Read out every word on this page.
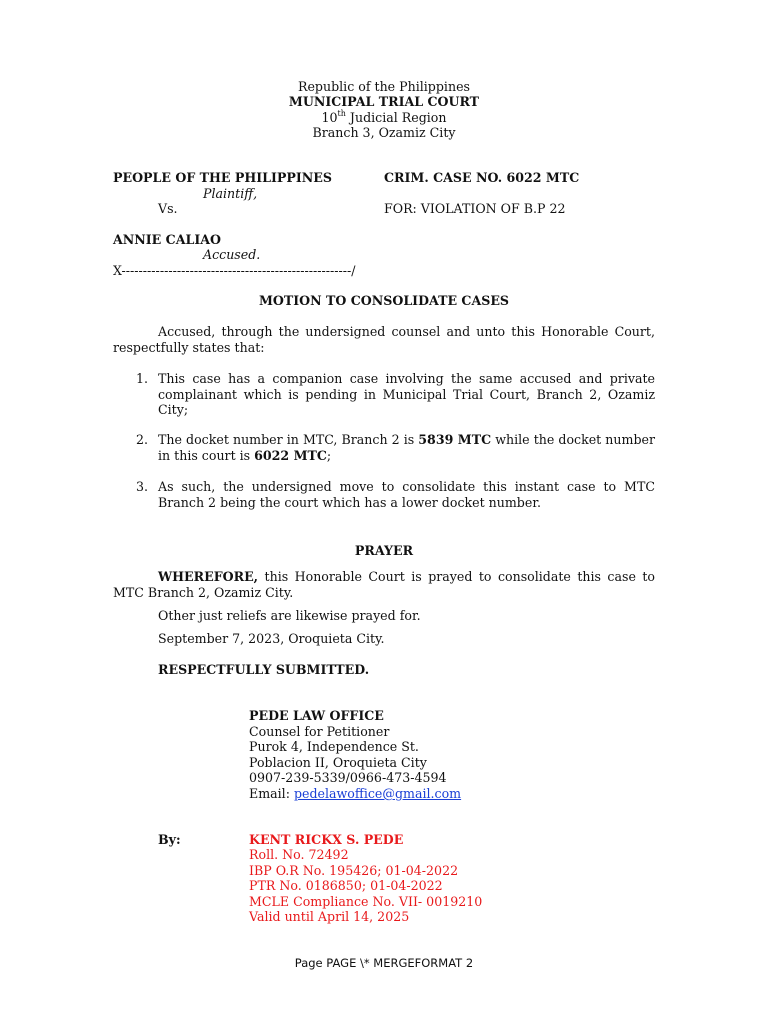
Republic of the Philippines
MUNICIPAL TRIAL COURT
10th Judicial Region
Branch 3, Ozamiz City
PEOPLE OF THE PHILIPPINES
Plaintiff,
Vs.
ANNIE CALIAO
Accused.
X------------------------------------------------------/
CRIM. CASE NO. 6022 MTC
FOR: VIOLATION OF B.P 22
MOTION TO CONSOLIDATE CASES
Accused, through the undersigned counsel and unto this Honorable Court, respectfully states that:
1. This case has a companion case involving the same accused and private complainant which is pending in Municipal Trial Court, Branch 2, Ozamiz City;
2. The docket number in MTC, Branch 2 is 5839 MTC while the docket number in this court is 6022 MTC;
3. As such, the undersigned move to consolidate this instant case to MTC Branch 2 being the court which has a lower docket number.
PRAYER
WHEREFORE, this Honorable Court is prayed to consolidate this case to MTC Branch 2, Ozamiz City.
Other just reliefs are likewise prayed for.
September 7, 2023, Oroquieta City.
RESPECTFULLY SUBMITTED.
PEDE LAW OFFICE
Counsel for Petitioner
Purok 4, Independence St.
Poblacion II, Oroquieta City
0907-239-5339/0966-473-4594
Email: pedelawoffice@gmail.com
By:	KENT RICKX S. PEDE
Roll. No. 72492
IBP O.R No. 195426; 01-04-2022
PTR No. 0186850; 01-04-2022
MCLE Compliance No. VII- 0019210
Valid until April 14, 2025
Page PAGE \* MERGEFORMAT 2
